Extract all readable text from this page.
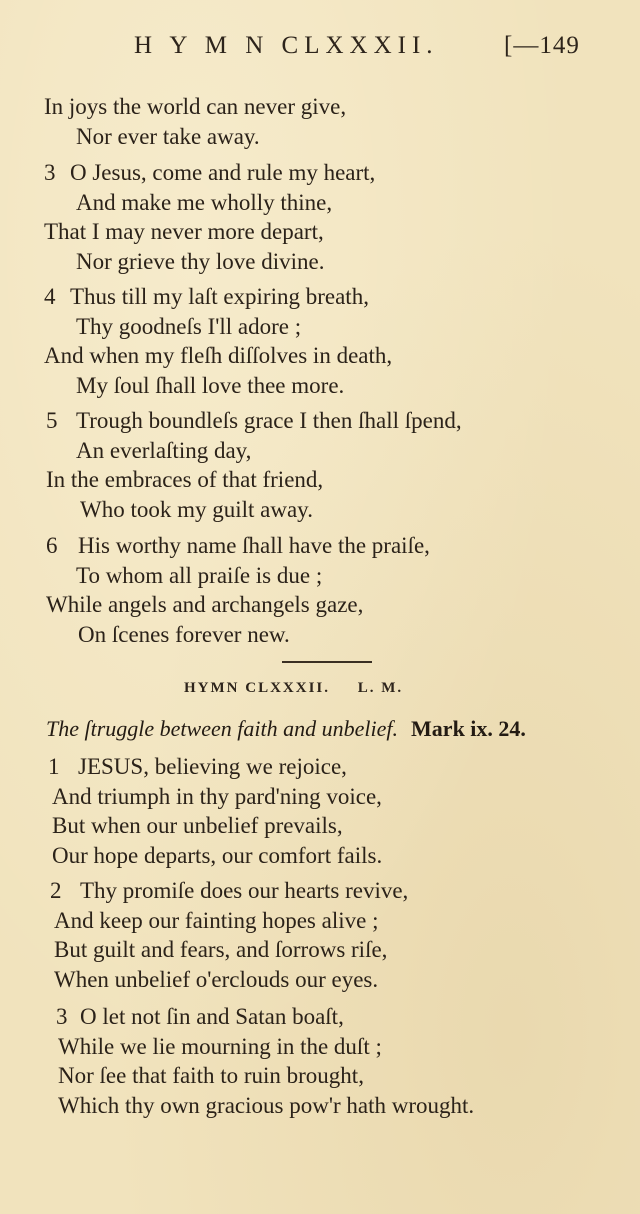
H Y M N CLXXXII.	[—149
In joys the world can never give,
Nor ever take away.
3 O Jesus, come and rule my heart,
And make me wholly thine,
That I may never more depart,
Nor grieve thy love divine.
4 Thus till my laſt expiring breath,
Thy goodneſs I'll adore ;
And when my fleſh diſſolves in death,
My ſoul ſhall love thee more.
5 Trough boundleſs grace I then ſhall ſpend,
An everlaſting day,
In the embraces of that friend,
Who took my guilt away.
6 His worthy name ſhall have the praiſe,
To whom all praiſe is due ;
While angels and archangels gaze,
On ſcenes forever new.
HYMN CLXXXII. L. M.
The ſtruggle between faith and unbelief. Mark ix. 24.
1 JESUS, believing we rejoice,
And triumph in thy pard'ning voice,
But when our unbelief prevails,
Our hope departs, our comfort fails.
2 Thy promiſe does our hearts revive,
And keep our fainting hopes alive ;
But guilt and fears, and ſorrows riſe,
When unbelief o'erclouds our eyes.
3 O let not ſin and Satan boaſt,
While we lie mourning in the duſt ;
Nor ſee that faith to ruin brought,
Which thy own gracious pow'r hath wrought.
